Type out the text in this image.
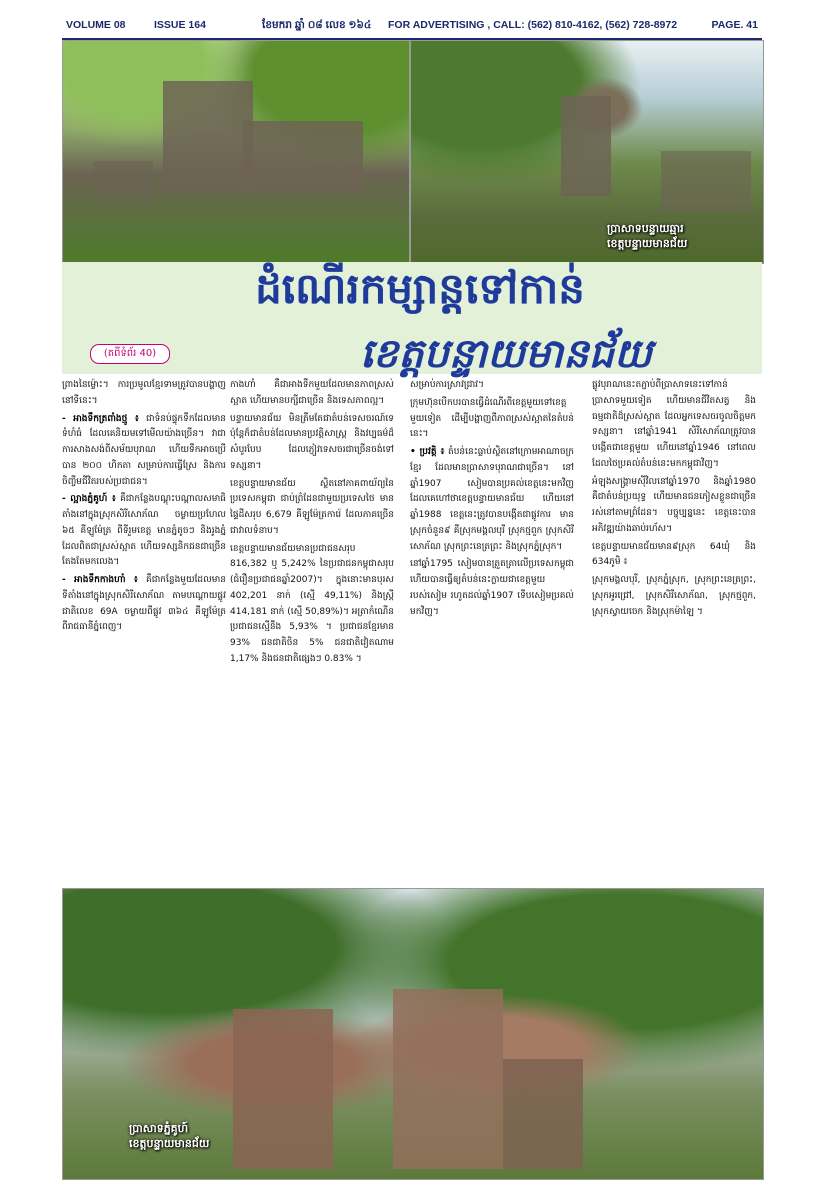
VOLUME 08	ISSUE 164	ខែមករា ឆ្នាំ ០៨ លេខ ១៦៤ FOR ADVERTISING , CALL: (562) 810-4162, (562) 728-8972	PAGE. 41
ប្រាសាទបន្ទាយឆ្មារ
ខេត្តបន្ទាយមានជ័យ
ដំណើរកម្សាន្តទៅកាន់
(តពីទំព័រ 40)	ខេត្តបន្ទាយមានជ័យ

ព្រាងនៃម្ល៉ោះ។ ការប្រមូលខ្មែរទាមត្រូវបានបង្ហាញនៅទីនេះ។

- អាងទឹកត្រពាំងថ្មូ ៖ ជាទំនប់ផ្ទុកទឹកដែលមានទំហំធំ ដែលគេនិយមទៅមើលយ៉ាងច្រើន។ វាជាការសាងសង់ពីសម័យបុរាណ ហើយទឹកអាចប្រើបាន ២០០ ហិកតា សម្រាប់ការធ្វើស្រែ និងការចិញ្ចឹមជីវិតរបស់ប្រជាជន។

- ល្អាងភ្នំគូហ៍ ៖ គឺជាកន្លែងបណ្តុះបណ្តាលសមាធិតាំងនៅក្នុងស្រុកសិរីសោភ័ណ ចម្ងាយប្រហែល ៦៥ គីឡូម៉ែត្រ ពីទីរួមខេត្ត មានភ្នំតូចៗ និងរូងភ្នំដែលពិតជាស្រស់ស្អាត ហើយទស្សនិកជនជាច្រើនតែងតែមកលេង។

- អាងទឹកកាងហាំ ៖ គឺជាកន្លែងមួយដែលមានទីតាំងនៅក្នុងស្រុកសិរីសោភ័ណ តាមបណ្តោយផ្លូវជាតិលេខ 69A ចម្ងាយពីផ្លូវ ៣៦៤ គីឡូម៉ែត្រពីរាជធានីភ្នំពេញ។

កាងហាំ គឺជាអាងទឹកមួយដែលមានភាពស្រស់ស្អាត ហើយមានបក្សីជាច្រើន និងទេសភាពល្អ។

បន្ទាយមានជ័យ មិនត្រឹមតែជាតំបន់ទេសចរណ៍ទេ ប៉ុន្តែក៏ជាតំបន់ដែលមានប្រវត្តិសាស្ត្រ និងវប្បធម៌ដ៏សំបូរបែប ដែលភ្ញៀវទេសចរជាច្រើនចង់ទៅទស្សនា។

ខេត្តបន្ទាយមានជ័យ ស្ថិតនៅភាគពាយ័ព្យនៃប្រទេសកម្ពុជា ជាប់ព្រំដែនជាមួយប្រទេសថៃ មានផ្ទៃដីសរុប 6,679 គីឡូម៉ែត្រការ៉េ ដែលភាគច្រើនជាវាលទំនាប។

ខេត្តបន្ទាយមានជ័យមានប្រជាជនសរុប 816,382 ឬ 5,242% នៃប្រជាជនកម្ពុជាសរុប (ជំរឿនប្រជាជនឆ្នាំ2007)។ ក្នុងនោះមានបុរស 402,201 នាក់ (ស្មើ 49,11%) និងស្ត្រី 414,181 នាក់ (ស្មើ 50,89%)។ អត្រាកំណើនប្រជាជនស្មើនឹង 5,93% ។ ប្រជាជនខ្មែរមាន 93% ជនជាតិចិន 5% ជនជាតិវៀតណាម 1,17% និងជនជាតិផ្សេងៗ 0.83% ។

សម្រាប់ការស្រាវជ្រាវ។

ក្រុមហ៊ុនបើកបរបានធ្វើដំណើរពីខេត្តមួយទៅខេត្តមួយទៀត ដើម្បីបង្ហាញពីភាពស្រស់ស្អាតនៃតំបន់នេះ។

• ប្រវត្តិ ៖ តំបន់នេះធ្លាប់ស្ថិតនៅក្រោមអាណាចក្រខ្មែរ ដែលមានប្រាសាទបុរាណជាច្រើន។ នៅឆ្នាំ1907 សៀមបានប្រគល់ខេត្តនេះមកវិញ ដែលគេហៅថាខេត្តបន្ទាយមានជ័យ ហើយនៅឆ្នាំ1988 ខេត្តនេះត្រូវបានបង្កើតជាផ្លូវការ មានស្រុកចំនួន៩ គឺស្រុកមង្គលបុរី ស្រុកថ្មពួក ស្រុកសិរីសោភ័ណ ស្រុកព្រះនេត្រព្រះ និងស្រុកភ្នំស្រុក។

នៅឆ្នាំ1795 សៀមបានត្រួតត្រាលើប្រទេសកម្ពុជា ហើយបានធ្វើឲ្យតំបន់នេះក្លាយជាខេត្តមួយរបស់សៀម រហូតដល់ឆ្នាំ1907 ទើបសៀមប្រគល់មកវិញ។

ផ្លូវបុរាណនេះតភ្ជាប់ពីប្រាសាទនេះទៅកាន់ប្រាសាទមួយទៀត ហើយមានជីវិតសត្វ និងធម្មជាតិដ៏ស្រស់ស្អាត ដែលអ្នកទេសចរចូលចិត្តមកទស្សនា។ នៅឆ្នាំ1941 សិរីសោភ័ណត្រូវបានបង្កើតជាខេត្តមួយ ហើយនៅឆ្នាំ1946 នៅពេលដែលថៃប្រគល់តំបន់នេះមកកម្ពុជាវិញ។

អំឡុងសង្គ្រាមស៊ីវិលនៅឆ្នាំ1970 និងឆ្នាំ1980 គឺជាតំបន់ប្រយុទ្ធ ហើយមានជនភៀសខ្លួនជាច្រើនរស់នៅតាមព្រំដែន។ បច្ចុប្បន្ននេះ ខេត្តនេះបានអភិវឌ្ឍយ៉ាងឆាប់រហ័ស។

ខេត្តបន្ទាយមានជ័យមាន៩ស្រុក 64ឃុំ និង 634ភូមិ ៖

ស្រុកមង្គលបុរី, ស្រុកភ្នំស្រុក, ស្រុកព្រះនេត្រព្រះ, ស្រុកអូរជ្រៅ, ស្រុកសិរីសោភ័ណ, ស្រុកថ្មពួក, ស្រុកស្វាយចេក និងស្រុកម៉ាឡៃ ។

ប្រាសាទភ្នំគូហ៍
ខេត្តបន្ទាយមានជ័យ
